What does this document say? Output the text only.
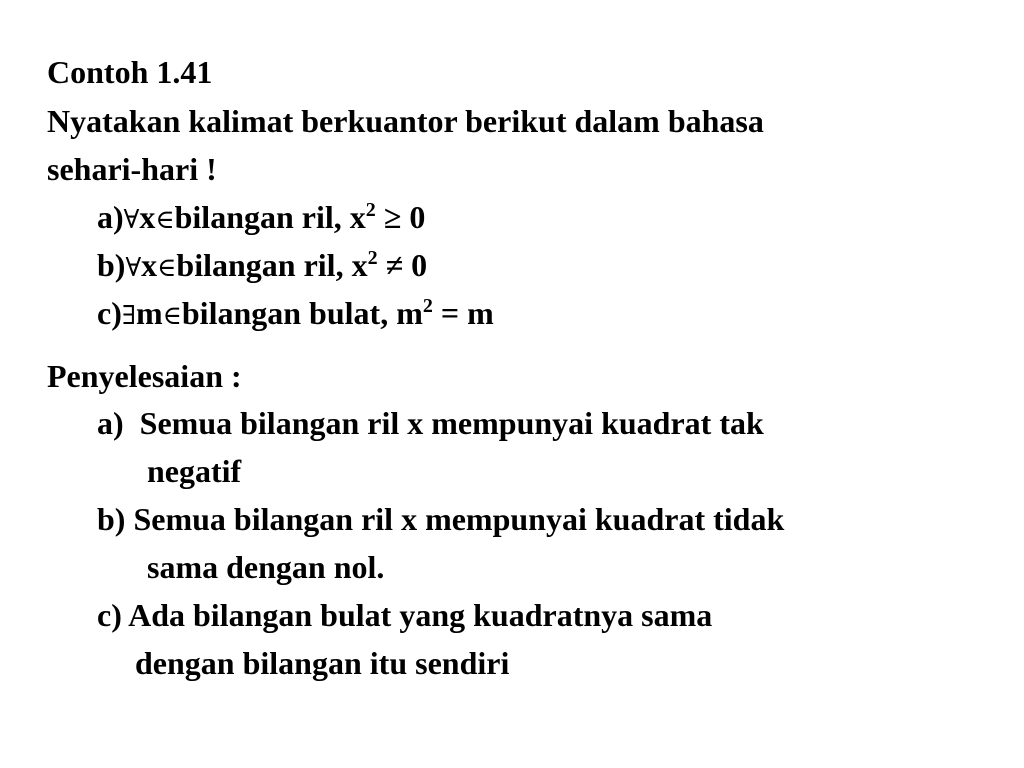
Contoh 1.41
Nyatakan kalimat berkuantor berikut dalam bahasa
sehari-hari !
a)∀x∈bilangan ril, $x^2 \ge 0$
b)∀x∈bilangan ril, $x^2 \ne 0$
c)∃m∈bilangan bulat, $m^2 = m$
Penyelesaian :
a) Semua bilangan ril x mempunyai kuadrat tak
negatif
b) Semua bilangan ril x mempunyai kuadrat tidak
sama dengan nol.
c) Ada bilangan bulat yang kuadratnya sama
dengan bilangan itu sendiri
